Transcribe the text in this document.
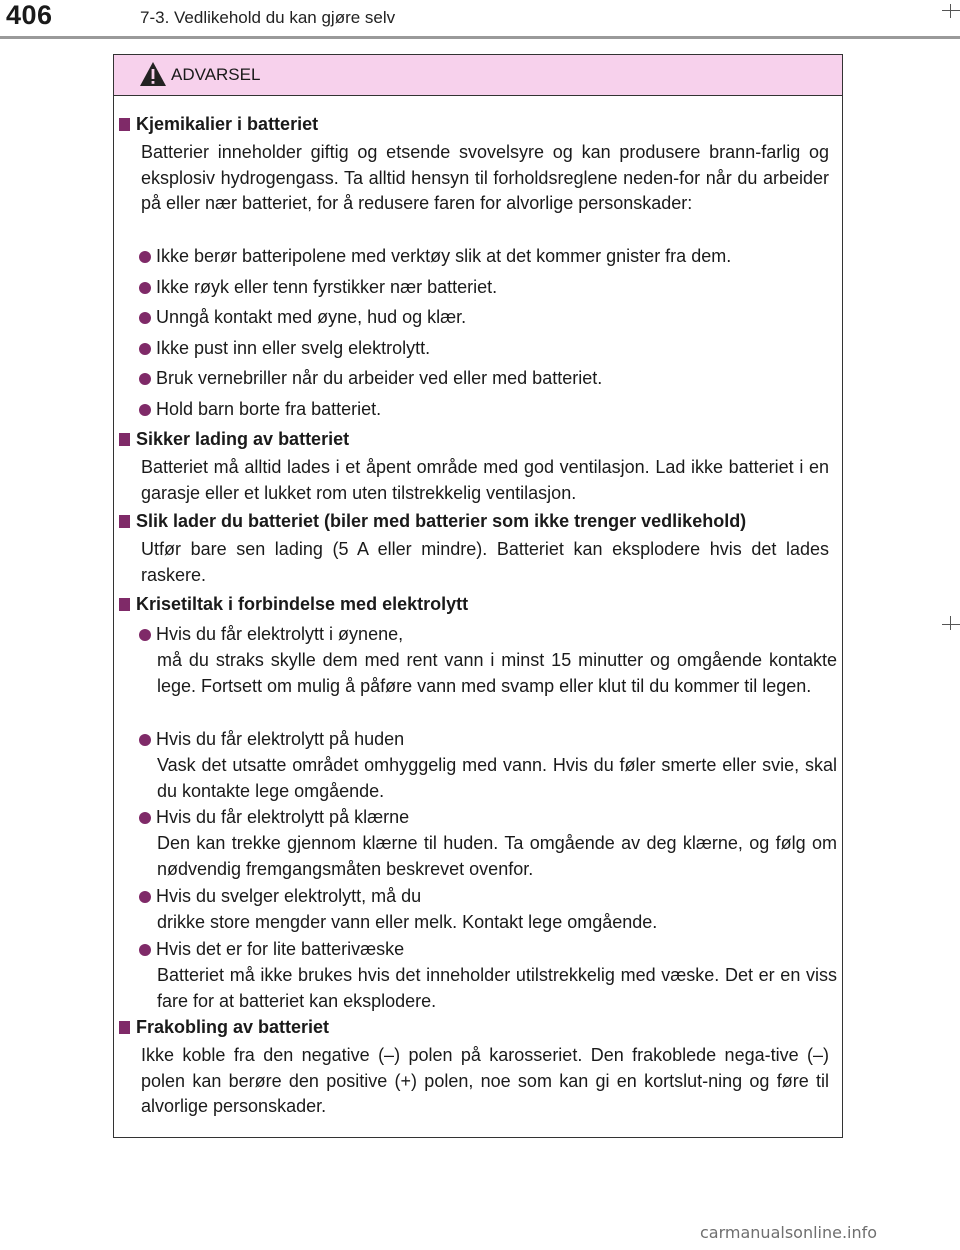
406	7-3. Vedlikehold du kan gjøre selv
ADVARSEL
Kjemikalier i batteriet
Batterier inneholder giftig og etsende svovelsyre og kan produsere brann-farlig og eksplosiv hydrogengass. Ta alltid hensyn til forholdsreglene neden-for når du arbeider på eller nær batteriet, for å redusere faren for alvorlige personskader:
Ikke berør batteripolene med verktøy slik at det kommer gnister fra dem.
Ikke røyk eller tenn fyrstikker nær batteriet.
Unngå kontakt med øyne, hud og klær.
Ikke pust inn eller svelg elektrolytt.
Bruk vernebriller når du arbeider ved eller med batteriet.
Hold barn borte fra batteriet.
Sikker lading av batteriet
Batteriet må alltid lades i et åpent område med god ventilasjon. Lad ikke batteriet i en garasje eller et lukket rom uten tilstrekkelig ventilasjon.
Slik lader du batteriet (biler med batterier som ikke trenger vedlikehold)
Utfør bare sen lading (5 A eller mindre). Batteriet kan eksplodere hvis det lades raskere.
Krisetiltak i forbindelse med elektrolytt
Hvis du får elektrolytt i øynene,
må du straks skylle dem med rent vann i minst 15 minutter og omgående kontakte lege. Fortsett om mulig å påføre vann med svamp eller klut til du kommer til legen.
Hvis du får elektrolytt på huden
Vask det utsatte området omhyggelig med vann. Hvis du føler smerte eller svie, skal du kontakte lege omgående.
Hvis du får elektrolytt på klærne
Den kan trekke gjennom klærne til huden. Ta omgående av deg klærne, og følg om nødvendig fremgangsmåten beskrevet ovenfor.
Hvis du svelger elektrolytt, må du
drikke store mengder vann eller melk. Kontakt lege omgående.
Hvis det er for lite batterivæske
Batteriet må ikke brukes hvis det inneholder utilstrekkelig med væske. Det er en viss fare for at batteriet kan eksplodere.
Frakobling av batteriet
Ikke koble fra den negative (–) polen på karosseriet. Den frakoblede nega-tive (–) polen kan berøre den positive (+) polen, noe som kan gi en kortslut-ning og føre til alvorlige personskader.
carmanualsonline.info
